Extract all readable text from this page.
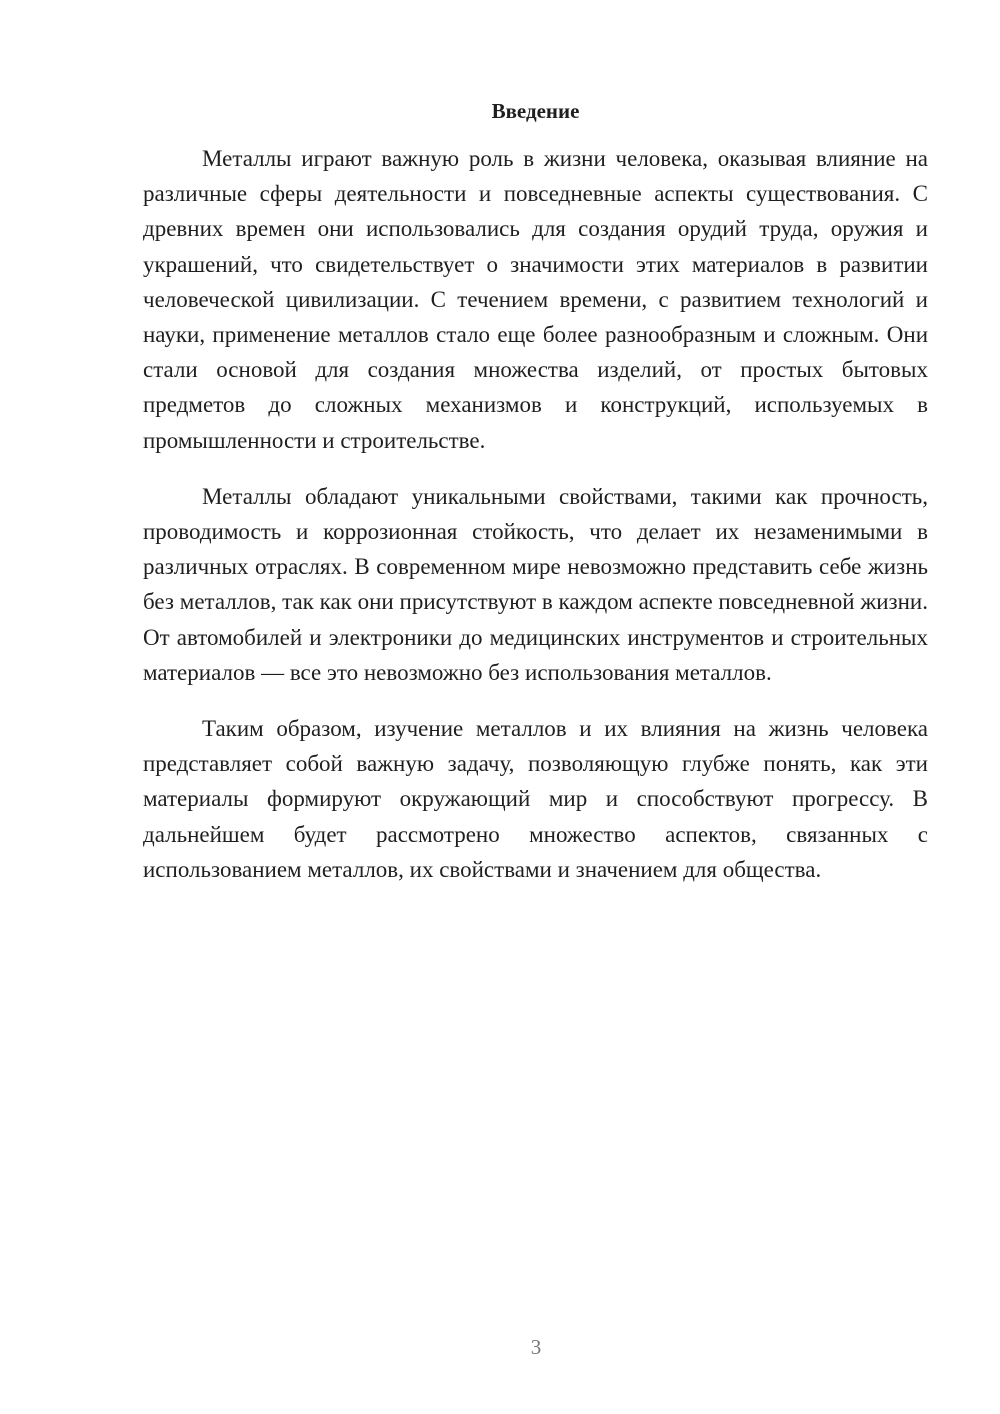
Введение

Металлы играют важную роль в жизни человека, оказывая влияние на различные сферы деятельности и повседневные аспекты существования. С древних времен они использовались для создания орудий труда, оружия и украшений, что свидетельствует о значимости этих материалов в развитии человеческой цивилизации. С течением времени, с развитием технологий и науки, применение металлов стало еще более разнообразным и сложным. Они стали основой для создания множества изделий, от простых бытовых предметов до сложных механизмов и конструкций, используемых в промышленности и строительстве.

Металлы обладают уникальными свойствами, такими как прочность, проводимость и коррозионная стойкость, что делает их незаменимыми в различных отраслях. В современном мире невозможно представить себе жизнь без металлов, так как они присутствуют в каждом аспекте повседневной жизни. От автомобилей и электроники до медицинских инструментов и строительных материалов — все это невозможно без использования металлов.

Таким образом, изучение металлов и их влияния на жизнь человека представляет собой важную задачу, позволяющую глубже понять, как эти материалы формируют окружающий мир и способствуют прогрессу. В дальнейшем будет рассмотрено множество аспектов, связанных с использованием металлов, их свойствами и значением для общества.

3
